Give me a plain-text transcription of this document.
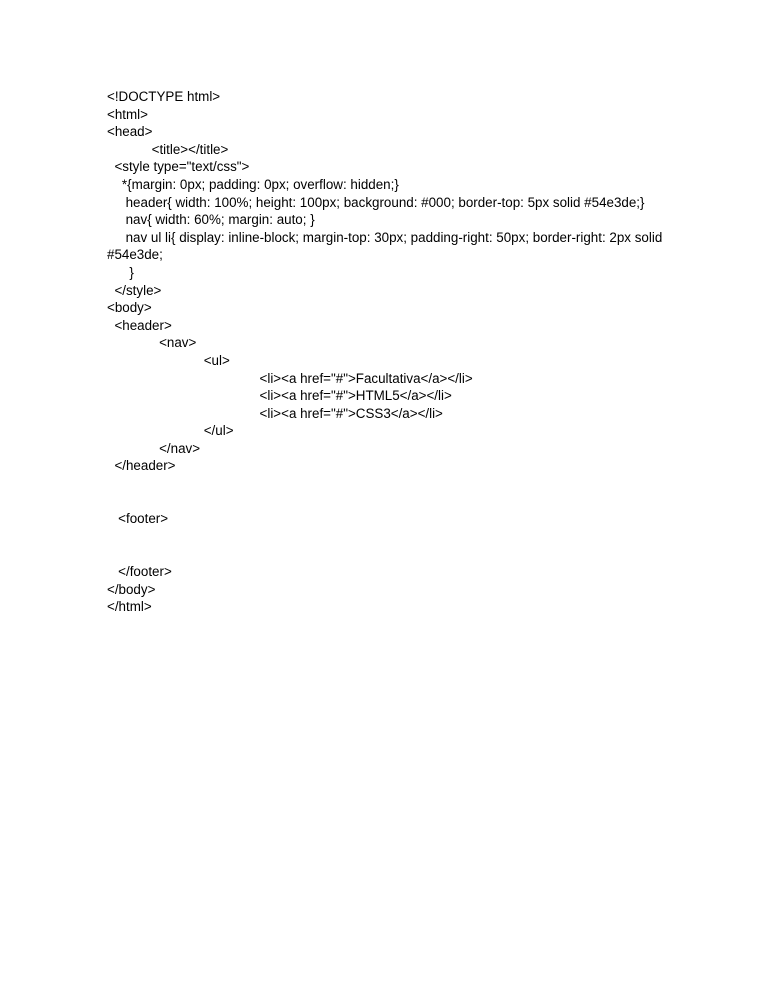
<!DOCTYPE html>
<html>
<head>
<title></title>
<style type="text/css">
*{margin: 0px; padding: 0px; overflow: hidden;}
header{ width: 100%; height: 100px; background: #000; border-top: 5px solid #54e3de;}
nav{ width: 60%; margin: auto; }
nav ul li{ display: inline-block; margin-top: 30px; padding-right: 50px; border-right: 2px solid
#54e3de;
}
</style>
<body>
<header>
<nav>
<ul>
<li><a href="#">Facultativa</a></li>
<li><a href="#">HTML5</a></li>
<li><a href="#">CSS3</a></li>
</ul>
</nav>
</header>
<footer>
</footer>
</body>
</html>
